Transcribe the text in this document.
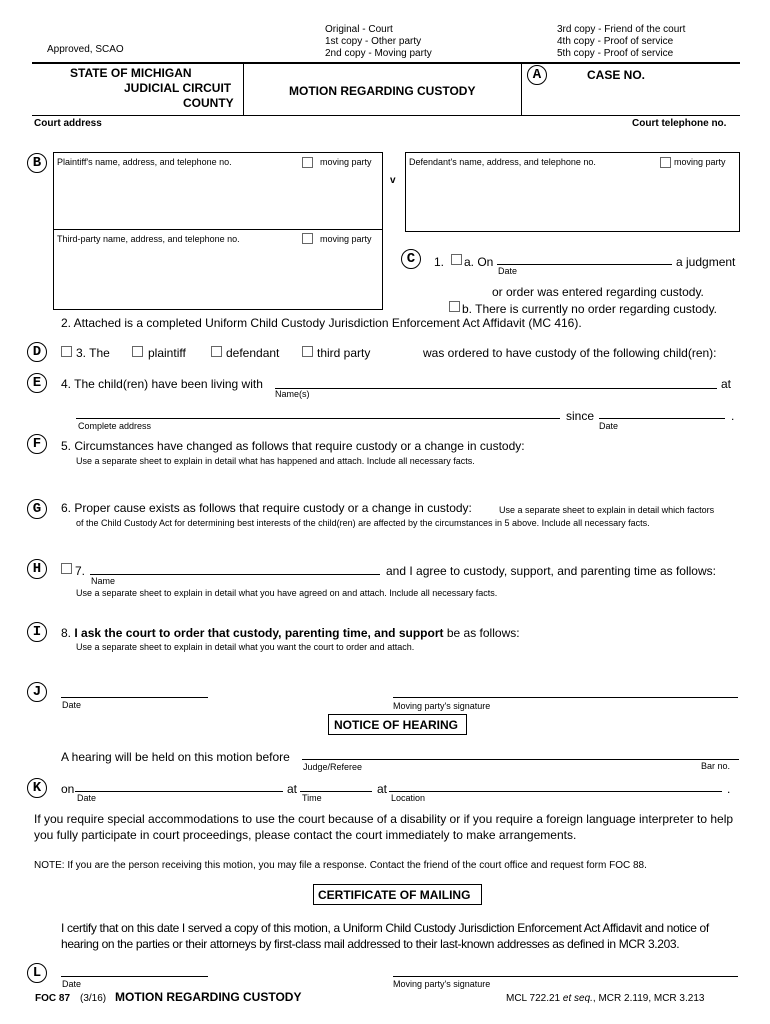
Approved, SCAO
Original - Court
1st copy - Other party
2nd copy - Moving party
3rd copy - Friend of the court
4th copy - Proof of service
5th copy - Proof of service
STATE OF MICHIGAN
JUDICIAL CIRCUIT
COUNTY
MOTION REGARDING CUSTODY
A	CASE NO.
Court address	Court telephone no.
B	Plaintiff's name, address, and telephone no.	moving party
Third-party name, address, and telephone no.	moving party
v
Defendant's name, address, and telephone no.	moving party
C	1. a. On
Date
a judgment
or order was entered regarding custody.
b. There is currently no order regarding custody.
2. Attached is a completed Uniform Child Custody Jurisdiction Enforcement Act Affidavit (MC 416).
D	3. The	plaintiff	defendant	third party	was ordered to have custody of the following child(ren):
E	4. The child(ren) have been living with
Name(s)
at
Complete address
since
Date
.
F	5. Circumstances have changed as follows that require custody or a change in custody:
Use a separate sheet to explain in detail what has happened and attach. Include all necessary facts.
G	6. Proper cause exists as follows that require custody or a change in custody:	Use a separate sheet to explain in detail which factors
of the Child Custody Act for determining best interests of the child(ren) are affected by the circumstances in 5 above. Include all necessary facts.
H	7.
Name
and I agree to custody, support, and parenting time as follows:
Use a separate sheet to explain in detail what you have agreed on and attach. Include all necessary facts.
I	8. I ask the court to order that custody, parenting time, and support be as follows:
Use a separate sheet to explain in detail what you want the court to order and attach.
J
Date	Moving party's signature
NOTICE OF HEARING
A hearing will be held on this motion before
Judge/Referee	Bar no.
K	on
Date
at
Time
at
Location
.
If you require special accommodations to use the court because of a disability or if you require a foreign language interpreter to help you fully participate in court proceedings, please contact the court immediately to make arrangements.
NOTE: If you are the person receiving this motion, you may file a response. Contact the friend of the court office and request form FOC 88.
CERTIFICATE OF MAILING
I certify that on this date I served a copy of this motion, a Uniform Child Custody Jurisdiction Enforcement Act Affidavit and notice of hearing on the parties or their attorneys by first-class mail addressed to their last-known addresses as defined in MCR 3.203.
L
Date	Moving party's signature
FOC 87 (3/16) MOTION REGARDING CUSTODY	MCL 722.21 et seq., MCR 2.119, MCR 3.213
